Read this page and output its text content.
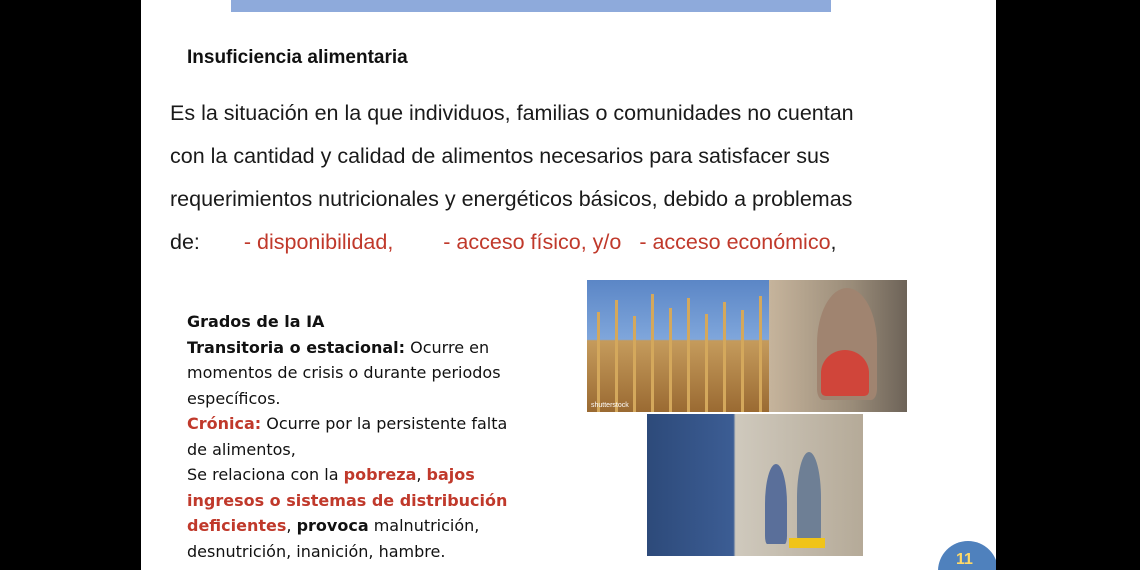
Insuficiencia alimentaria
Es la situación en la que individuos, familias o comunidades no cuentan
con la cantidad y calidad de alimentos necesarios para satisfacer sus
requerimientos nutricionales y energéticos básicos, debido a problemas
de: - disponibilidad, - acceso físico, y/o - acceso económico,
Grados de la IA
Transitoria o estacional: Ocurre en momentos de crisis o durante periodos específicos.
Crónica: Ocurre por la persistente falta de alimentos,
Se relaciona con la pobreza, bajos ingresos o sistemas de distribución deficientes, provoca malnutrición, desnutrición, inanición, hambre.
shutterstock
11
